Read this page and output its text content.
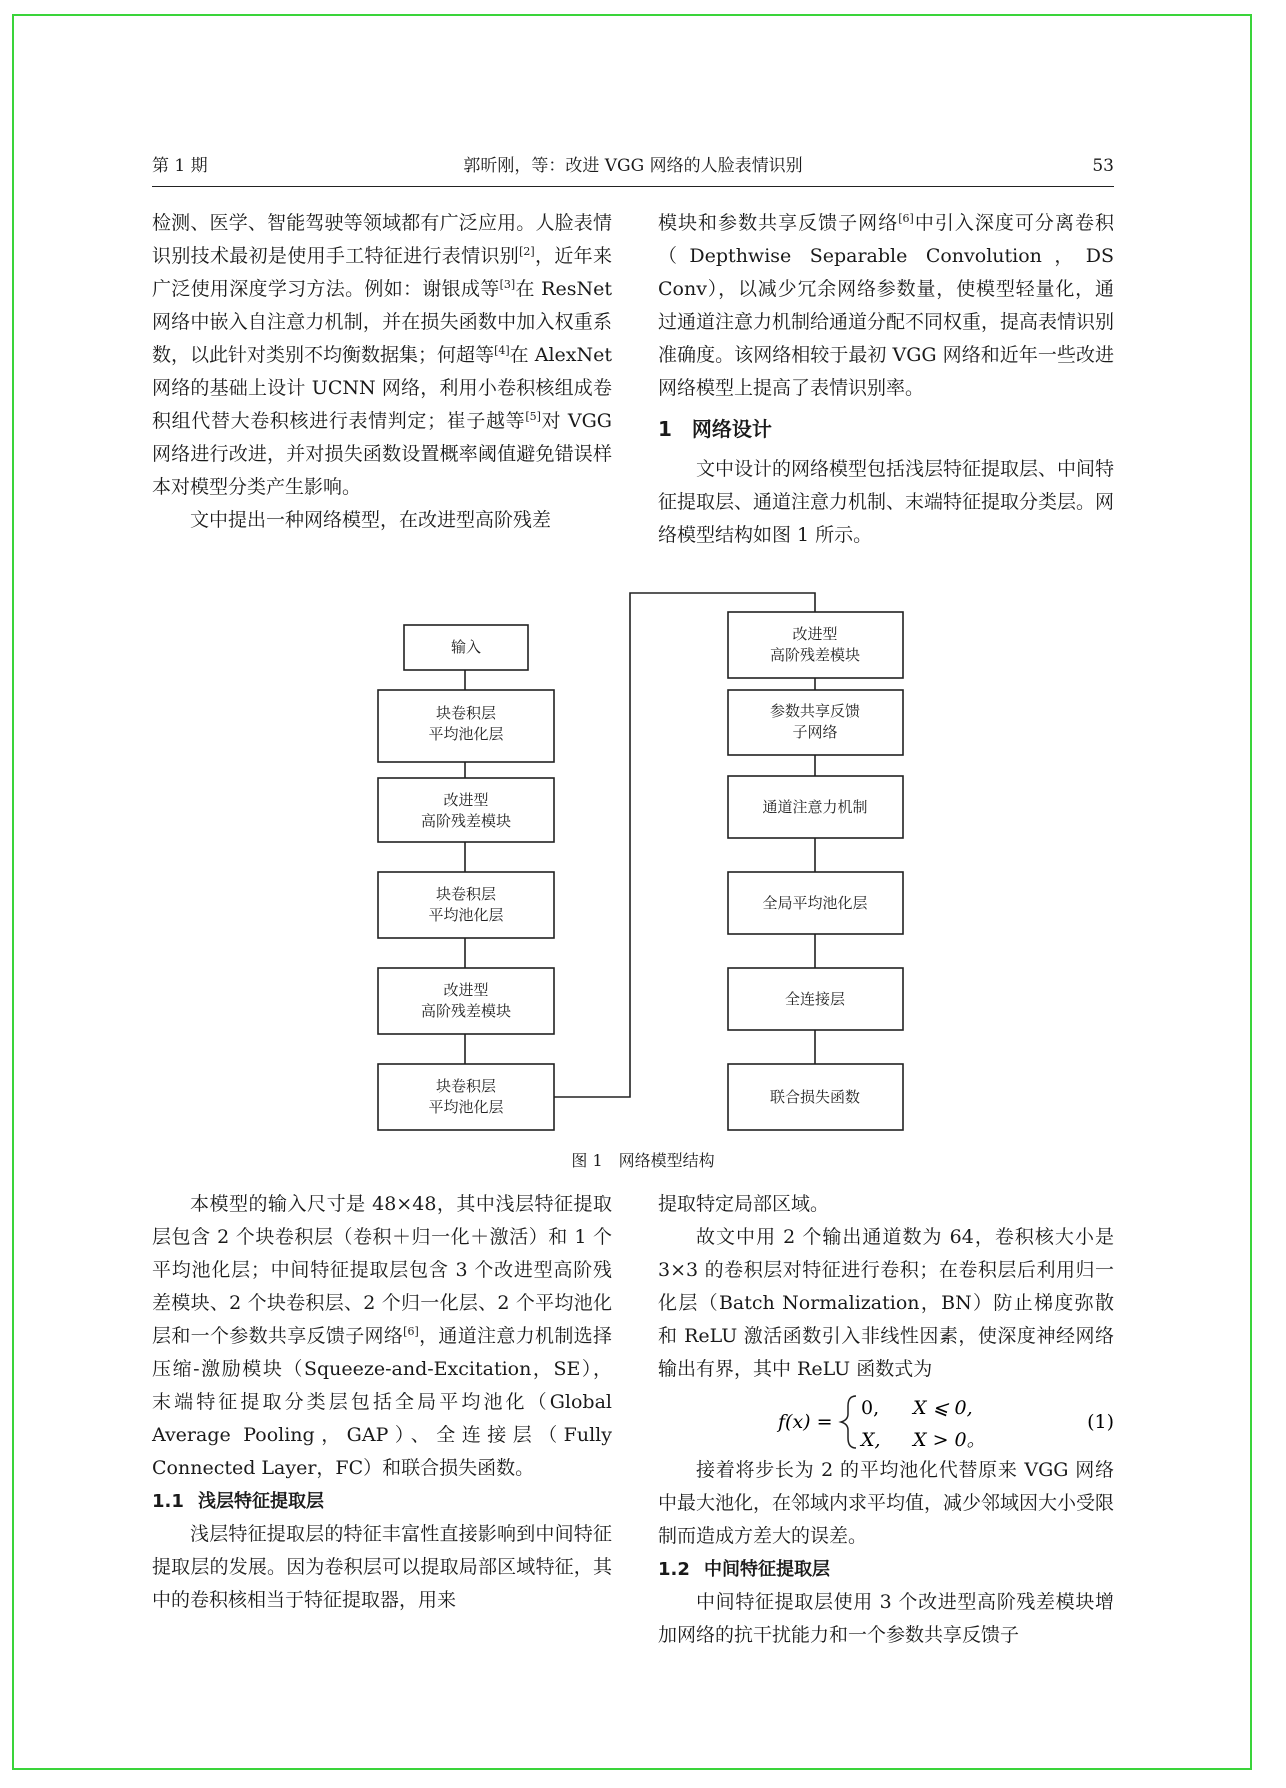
第 1 期	郭昕刚，等：改进 VGG 网络的人脸表情识别	53

检测、医学、智能驾驶等领域都有广泛应用。人脸表情识别技术最初是使用手工特征进行表情识别[2]，近年来广泛使用深度学习方法。例如：谢银成等[3]在 ResNet 网络中嵌入自注意力机制，并在损失函数中加入权重系数，以此针对类别不均衡数据集；何超等[4]在 AlexNet 网络的基础上设计 UCNN 网络，利用小卷积核组成卷积组代替大卷积核进行表情判定；崔子越等[5]对 VGG 网络进行改进，并对损失函数设置概率阈值避免错误样本对模型分类产生影响。

文中提出一种网络模型，在改进型高阶残差

模块和参数共享反馈子网络[6]中引入深度可分离卷积（Depthwise Separable Convolution，DS Conv），以减少冗余网络参数量，使模型轻量化，通过通道注意力机制给通道分配不同权重，提高表情识别准确度。该网络相较于最初 VGG 网络和近年一些改进网络模型上提高了表情识别率。

1　 网络设计

文中设计的网络模型包括浅层特征提取层、中间特征提取层、通道注意力机制、末端特征提取分类层。网络模型结构如图 1 所示。

输入
块卷积层
平均池化层
改进型
高阶残差模块
块卷积层
平均池化层
改进型
高阶残差模块
块卷积层
平均池化层
改进型
高阶残差模块
参数共享反馈
子网络
通道注意力机制
全局平均池化层
全连接层
联合损失函数
图 1　网络模型结构

本模型的输入尺寸是 48×48，其中浅层特征提取层包含 2 个块卷积层（卷积＋归一化＋激活）和 1 个平均池化层；中间特征提取层包含 3 个改进型高阶残差模块、2 个块卷积层、2 个归一化层、2 个平均池化层和一个参数共享反馈子网络[6]，通道注意力机制选择压缩-激励模块（Squeeze-and-Excitation，SE），末端特征提取分类层包括全局平均池化（Global Average Pooling，GAP）、全连接层（Fully Connected Layer，FC）和联合损失函数。

1.1 浅层特征提取层

浅层特征提取层的特征丰富性直接影响到中间特征提取层的发展。因为卷积层可以提取局部区域特征，其中的卷积核相当于特征提取器，用来

提取特定局部区域。

故文中用 2 个输出通道数为 64，卷积核大小是 3×3 的卷积层对特征进行卷积；在卷积层后利用归一化层（Batch Normalization，BN）防止梯度弥散和 ReLU 激活函数引入非线性因素，使深度神经网络输出有界，其中 ReLU 函数式为

f(x) =
0, X ⩽ 0,
X, X > 0。
(1)

接着将步长为 2 的平均池化代替原来 VGG 网络中最大池化，在邻域内求平均值，减少邻域因大小受限制而造成方差大的误差。

1.2 中间特征提取层

中间特征提取层使用 3 个改进型高阶残差模块增加网络的抗干扰能力和一个参数共享反馈子
